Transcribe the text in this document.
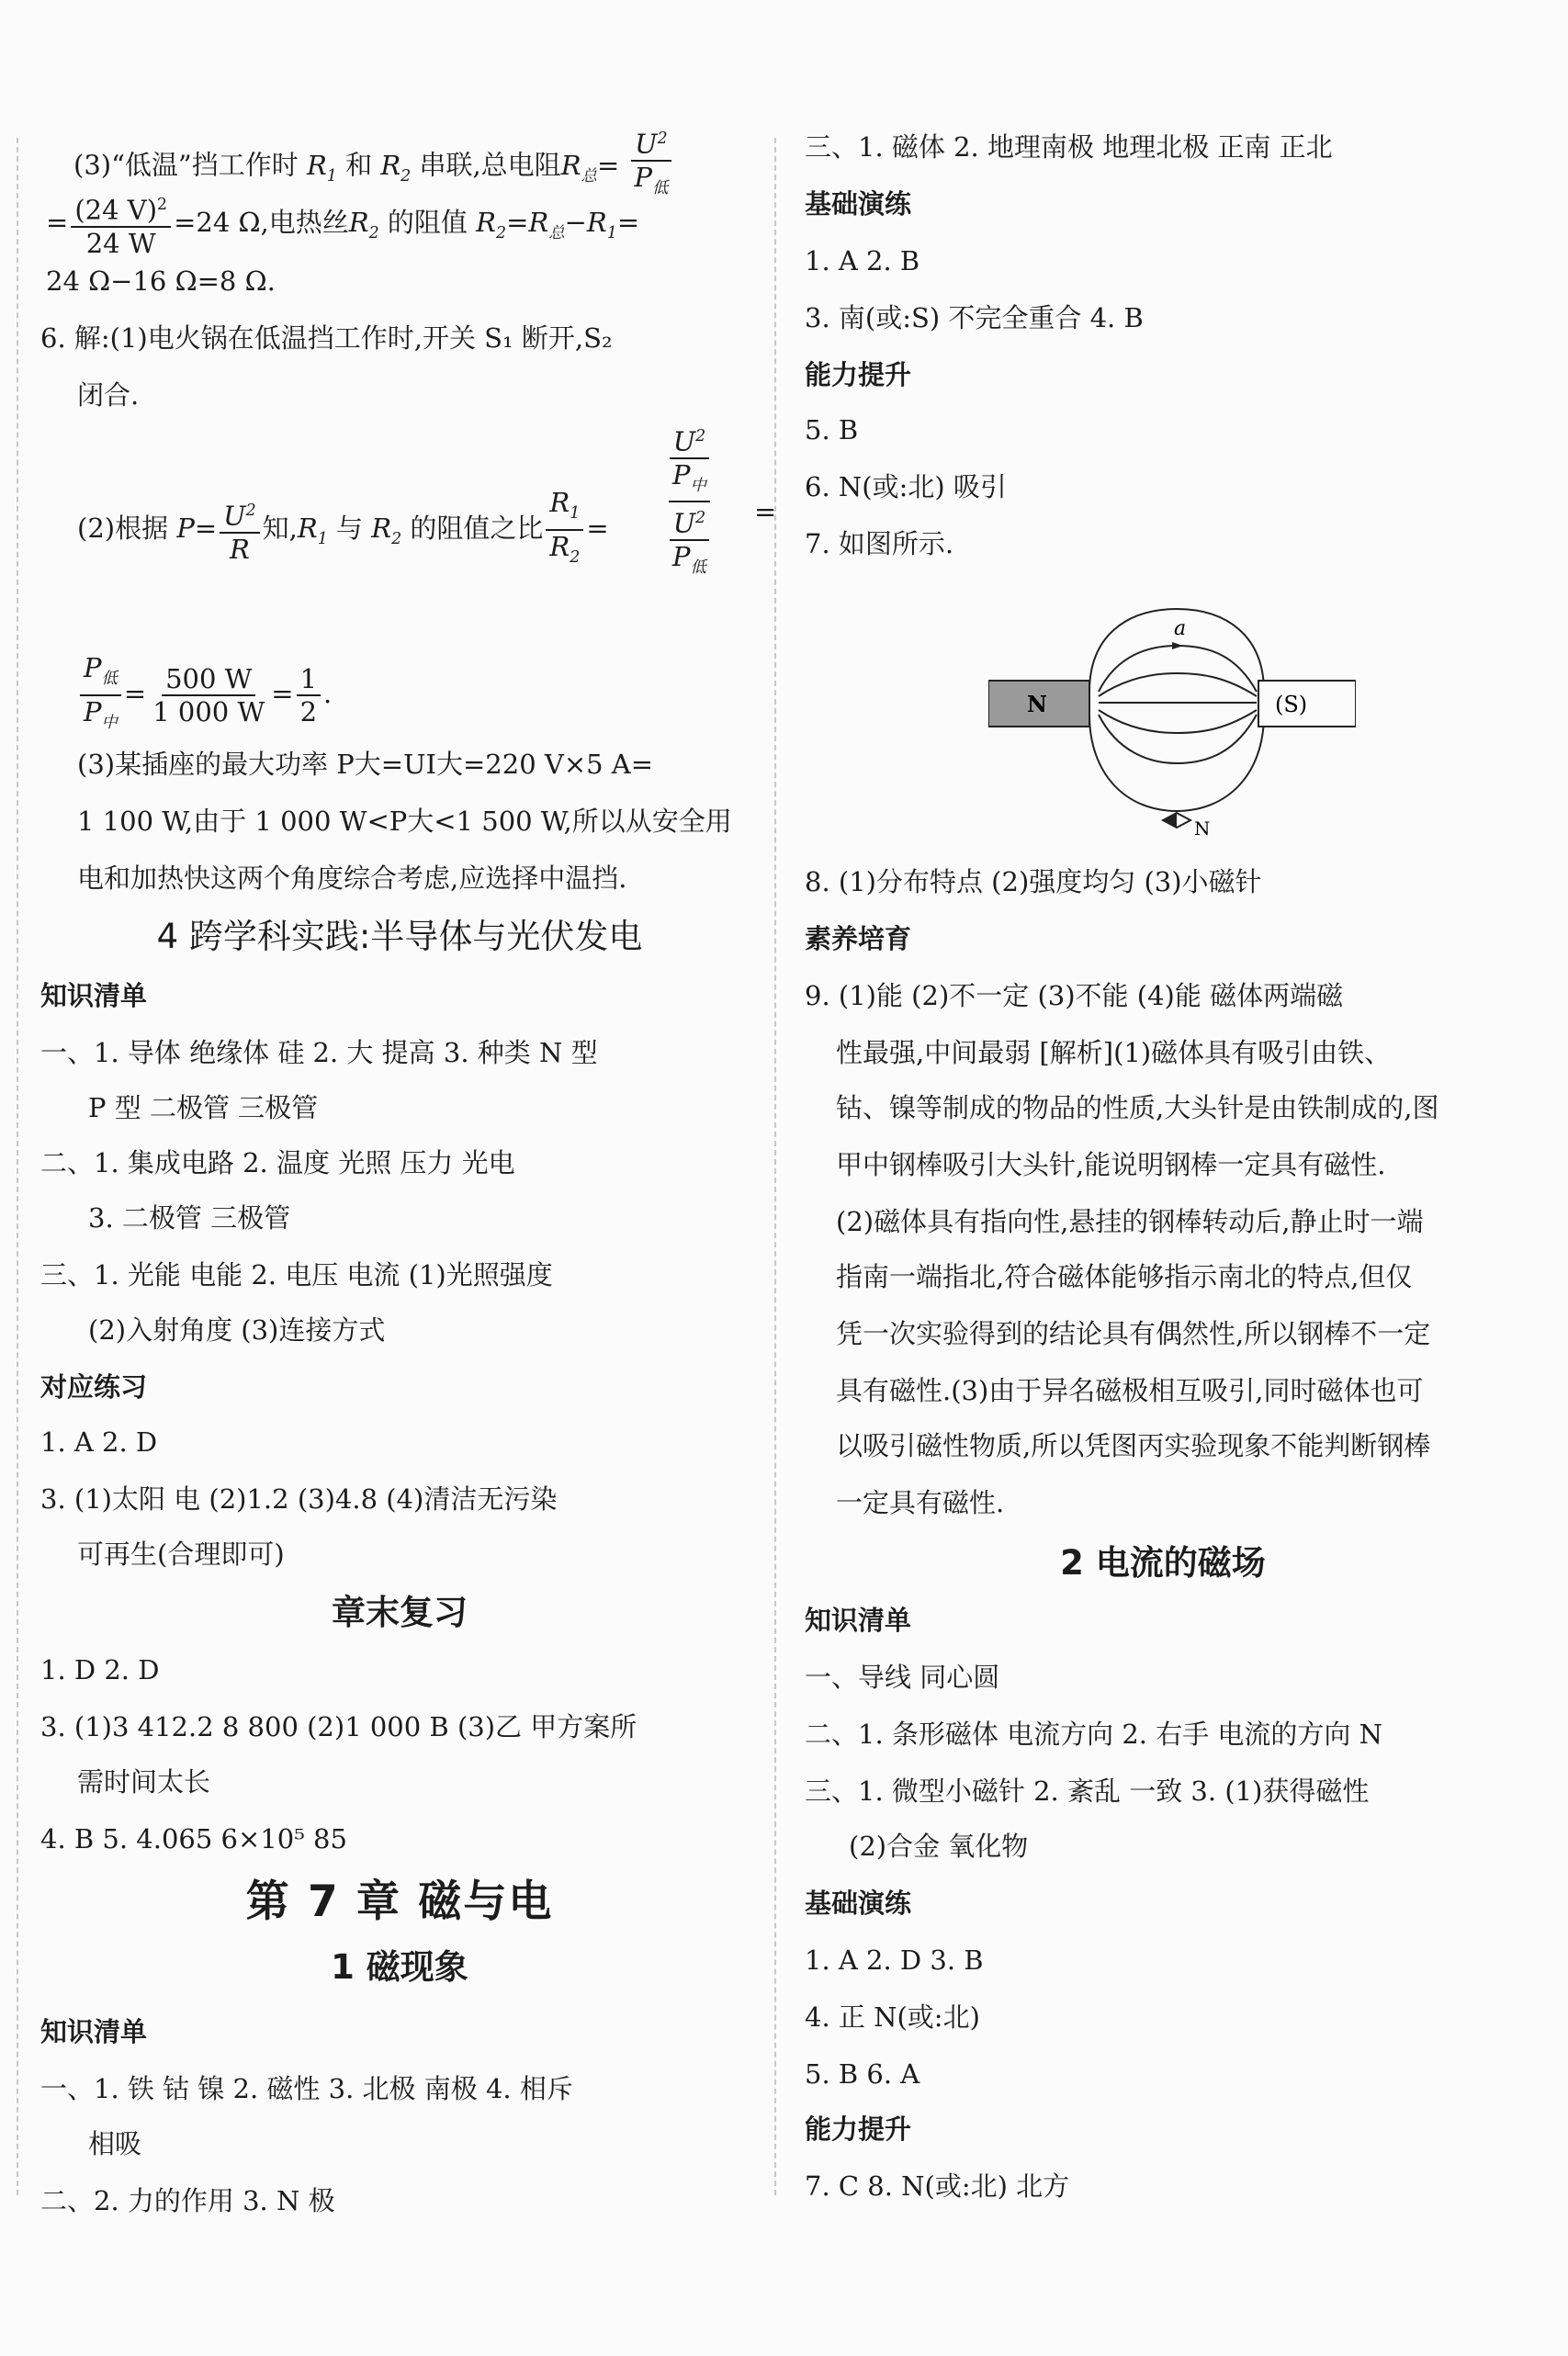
(3)“低温”挡工作时 $R_1$ 和 $R_2$ 串联,总电阻$R_总= \frac{U^2}{P_低}$
= $\frac{(24 V)^2}{24 W} =24$ Ω,电热丝$R_2$ 的阻值 $R_2=R_总-R_1=$
24 Ω−16 Ω=8 Ω.
6. 解:(1)电火锅在低温挡工作时,开关 S₁ 断开,S₂
闭合.
(2)根据 $P= \frac{U^2}{R}$ 知$,R_1$ 与 $R_2$ 的阻值之比 $\frac{R_1}{R_2} = \frac{\frac{U^2}{P_中}}{\frac{U^2}{P_低}}$ =
$\frac{P_低}{P_中} = \frac{500 W}{1 000 W} = \frac{1}{2}$ .
(3)某插座的最大功率 P大=UI大=220 V×5 A=
1 100 W,由于 1 000 W<P大<1 500 W,所以从安全用
电和加热快这两个角度综合考虑,应选择中温挡.
4 跨学科实践:半导体与光伏发电
知识清单
一、1. 导体 绝缘体 硅 2. 大 提高 3. 种类 N 型
P 型 二极管 三极管
二、1. 集成电路 2. 温度 光照 压力 光电
3. 二极管 三极管
三、1. 光能 电能 2. 电压 电流 (1)光照强度
(2)入射角度 (3)连接方式
对应练习
1. A 2. D
3. (1)太阳 电 (2)1.2 (3)4.8 (4)清洁无污染
可再生(合理即可)
章末复习
1. D 2. D
3. (1)3 412.2 8 800 (2)1 000 B (3)乙 甲方案所
需时间太长
4. B 5. 4.065 6×10⁵ 85
第 7 章 磁与电
1 磁现象
知识清单
一、1. 铁 钴 镍 2. 磁性 3. 北极 南极 4. 相斥
相吸
二、2. 力的作用 3. N 极
三、1. 磁体 2. 地理南极 地理北极 正南 正北
基础演练
1. A 2. B
3. 南(或:S) 不完全重合 4. B
能力提升
5. B
6. N(或:北) 吸引
7. 如图所示.
a
N	(S)
N
8. (1)分布特点 (2)强度均匀 (3)小磁针
素养培育
9. (1)能 (2)不一定 (3)不能 (4)能 磁体两端磁
性最强,中间最弱 [解析](1)磁体具有吸引由铁、
钴、镍等制成的物品的性质,大头针是由铁制成的,图
甲中钢棒吸引大头针,能说明钢棒一定具有磁性.
(2)磁体具有指向性,悬挂的钢棒转动后,静止时一端
指南一端指北,符合磁体能够指示南北的特点,但仅
凭一次实验得到的结论具有偶然性,所以钢棒不一定
具有磁性.(3)由于异名磁极相互吸引,同时磁体也可
以吸引磁性物质,所以凭图丙实验现象不能判断钢棒
一定具有磁性.
2 电流的磁场
知识清单
一、导线 同心圆
二、1. 条形磁体 电流方向 2. 右手 电流的方向 N
三、1. 微型小磁针 2. 紊乱 一致 3. (1)获得磁性
(2)合金 氧化物
基础演练
1. A 2. D 3. B
4. 正 N(或:北)
5. B 6. A
能力提升
7. C 8. N(或:北) 北方
